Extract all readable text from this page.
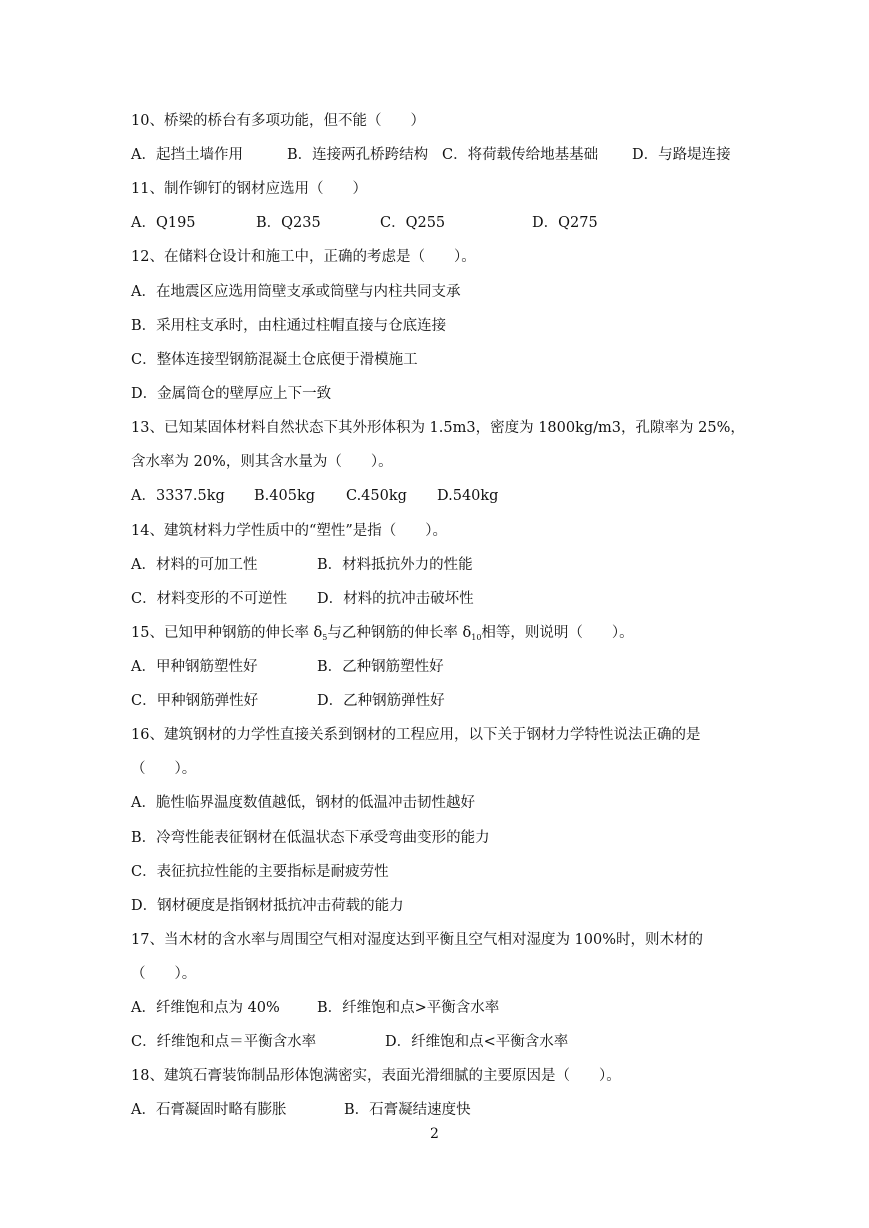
10、桥梁的桥台有多项功能，但不能（　　）
A．起挡土墙作用	B．连接两孔桥跨结构 C．将荷载传给地基基础 D．与路堤连接
11、制作铆钉的钢材应选用（　　）
A．Q195	B．Q235	C．Q255	D．Q275
12、在储料仓设计和施工中，正确的考虑是（　　）。
A．在地震区应选用筒壁支承或筒壁与内柱共同支承
B．采用柱支承时，由柱通过柱帽直接与仓底连接
C．整体连接型钢筋混凝土仓底便于滑模施工
D．金属筒仓的壁厚应上下一致
13、已知某固体材料自然状态下其外形体积为 1.5m3，密度为 1800kg/m3，孔隙率为 25%，
含水率为 20%，则其含水量为（　　）。
A．3337.5kg B.405kg C.450kg D.540kg
14、建筑材料力学性质中的“塑性”是指（　　）。
A．材料的可加工性	B．材料抵抗外力的性能
C．材料变形的不可逆性 D．材料的抗冲击破坏性
15、已知甲种钢筋的伸长率 $\delta_5$与乙种钢筋的伸长率 $\delta_{10}$相等，则说明（　　）。
A．甲种钢筋塑性好	B．乙种钢筋塑性好
C．甲种钢筋弹性好	D．乙种钢筋弹性好
16、建筑钢材的力学性直接关系到钢材的工程应用，以下关于钢材力学特性说法正确的是
（　　）。
A．脆性临界温度数值越低，钢材的低温冲击韧性越好
B．冷弯性能表征钢材在低温状态下承受弯曲变形的能力
C．表征抗拉性能的主要指标是耐疲劳性
D．钢材硬度是指钢材抵抗冲击荷载的能力
17、当木材的含水率与周围空气相对湿度达到平衡且空气相对湿度为 100%时，则木材的
（　　）。
A．纤维饱和点为 40%	B．纤维饱和点>平衡含水率
C．纤维饱和点＝平衡含水率	D．纤维饱和点<平衡含水率
18、建筑石膏装饰制品形体饱满密实，表面光滑细腻的主要原因是（　　）。
A．石膏凝固时略有膨胀	B．石膏凝结速度快
2
